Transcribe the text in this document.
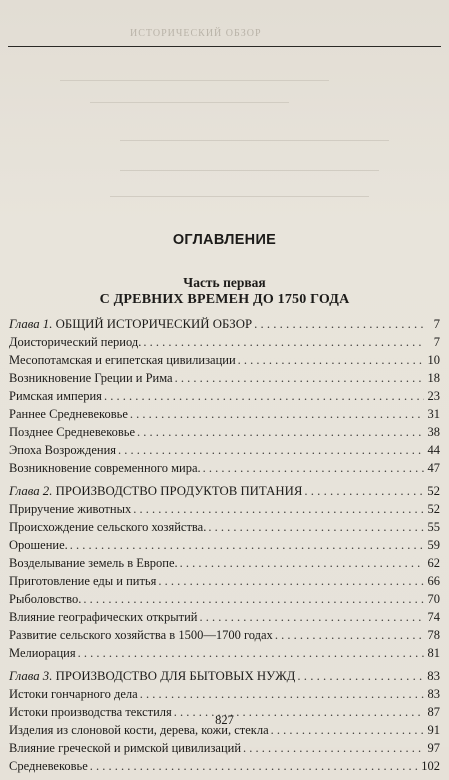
ИСТОРИЧЕСКИЙ ОБЗОР
ОГЛАВЛЕНИЕ
Часть первая
С ДРЕВНИХ ВРЕМЕН ДО 1750 ГОДА
Глава 1. ОБЩИЙ ИСТОРИЧЕСКИЙ ОБЗОР . . .	7
Доисторический период. . . .	7
Месопотамская и египетская цивилизации . . .	10
Возникновение Греции и Рима . . .	18
Римская империя . . .	23
Раннее Средневековье . . .	31
Позднее Средневековье . . .	38
Эпоха Возрождения . . .	44
Возникновение современного мира. . . .	47
Глава 2. ПРОИЗВОДСТВО ПРОДУКТОВ ПИТАНИЯ . . .	52
Приручение животных . . .	52
Происхождение сельского хозяйства. . . .	55
Орошение. . . .	59
Возделывание земель в Европе. . . .	62
Приготовление еды и питья . . .	66
Рыболовство. . . .	70
Влияние географических открытий . . .	74
Развитие сельского хозяйства в 1500—1700 годах . . .	78
Мелиорация . . .	81
Глава 3. ПРОИЗВОДСТВО ДЛЯ БЫТОВЫХ НУЖД . . .	83
Истоки гончарного дела . . .	83
Истоки производства текстиля . . .	87
Изделия из слоновой кости, дерева, кожи, стекла . . .	91
Влияние греческой и римской цивилизаций . . .	97
Средневековье . . .	102
827
